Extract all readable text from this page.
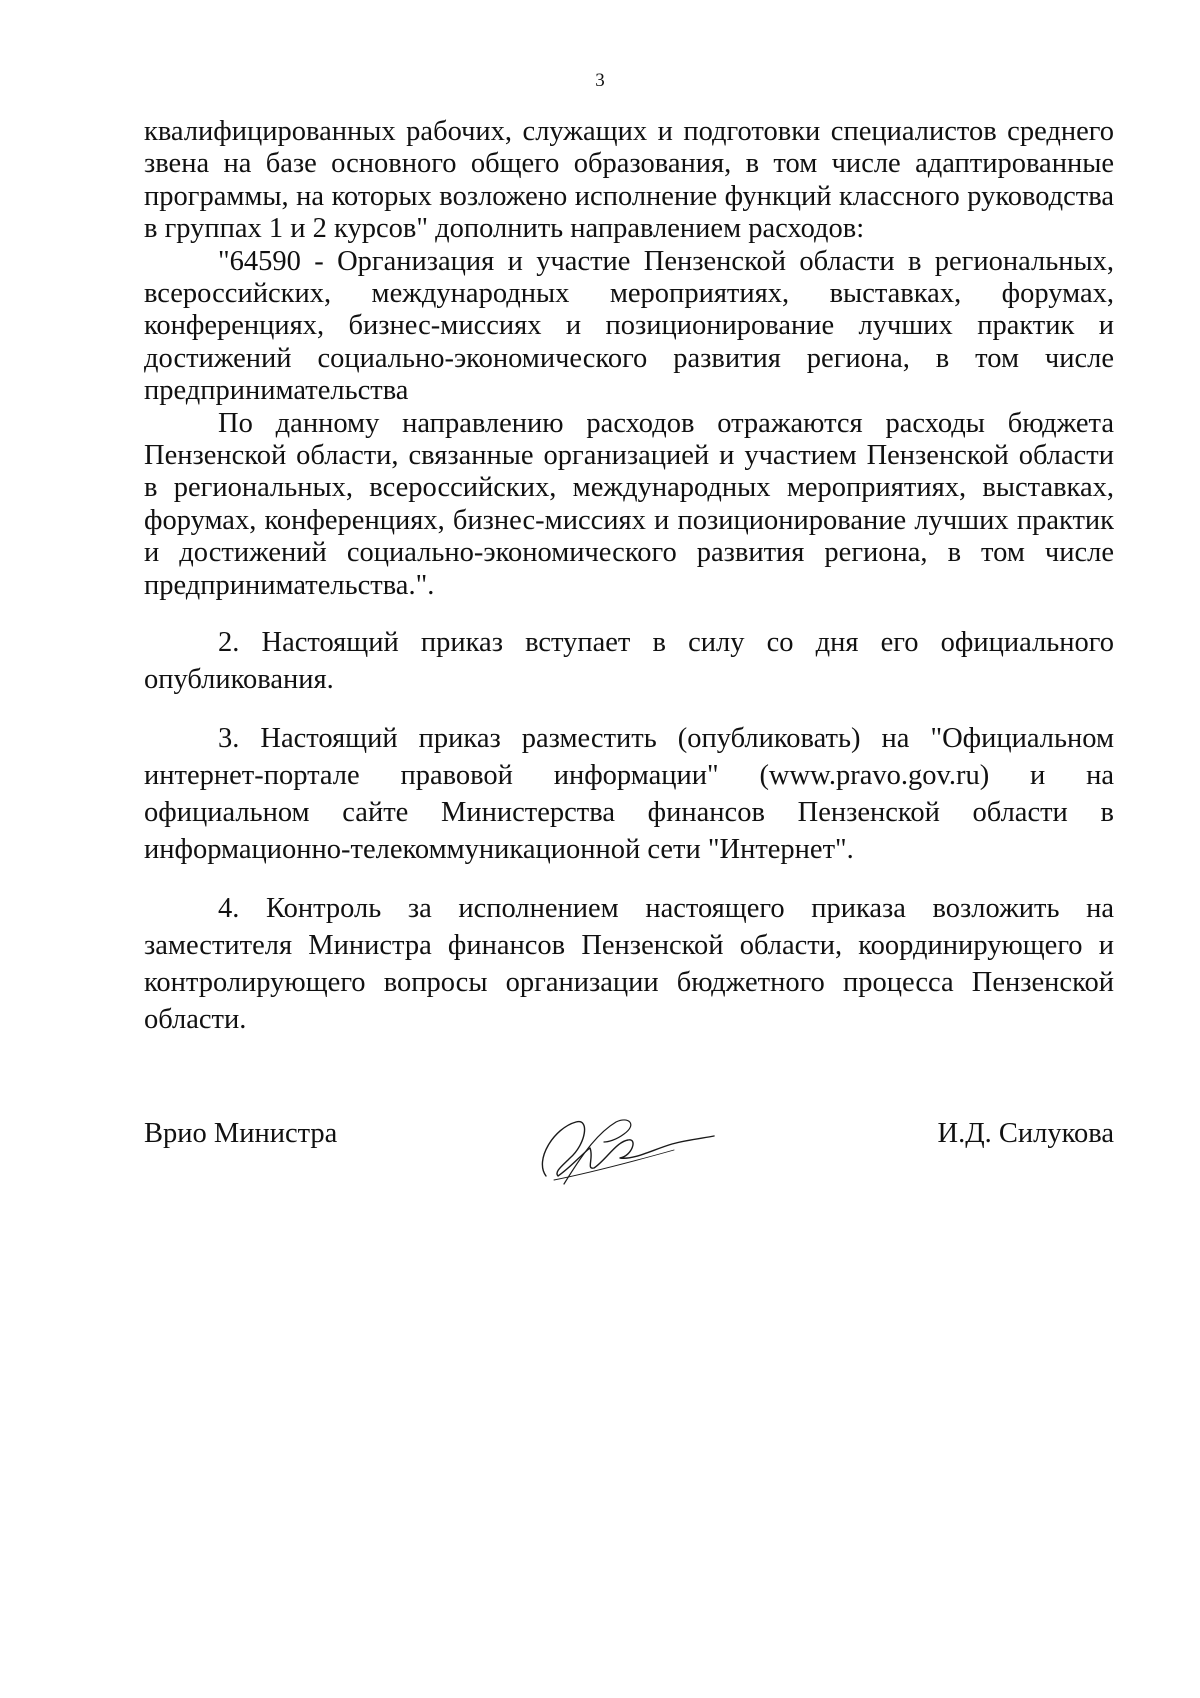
3

квалифицированных рабочих, служащих и подготовки специалистов среднего звена на базе основного общего образования, в том числе адаптированные программы, на которых возложено исполнение функций классного руководства в группах 1 и 2 курсов" дополнить направлением расходов:

"64590 - Организация и участие Пензенской области в региональных, всероссийских, международных мероприятиях, выставках, форумах, конференциях, бизнес-миссиях и позиционирование лучших практик и достижений социально-экономического развития региона, в том числе предпринимательства

По данному направлению расходов отражаются расходы бюджета Пензенской области, связанные организацией и участием Пензенской области в региональных, всероссийских, международных мероприятиях, выставках, форумах, конференциях, бизнес-миссиях и позиционирование лучших практик и достижений социально-экономического развития региона, в том числе предпринимательства.".

2. Настоящий приказ вступает в силу со дня его официального опубликования.

3. Настоящий приказ разместить (опубликовать) на "Официальном интернет-портале правовой информации" (www.pravo.gov.ru) и на официальном сайте Министерства финансов Пензенской области в информационно-телекоммуникационной сети "Интернет".

4. Контроль за исполнением настоящего приказа возложить на заместителя Министра финансов Пензенской области, координирующего и контролирующего вопросы организации бюджетного процесса Пензенской области.

Врио Министра	И.Д. Силукова
